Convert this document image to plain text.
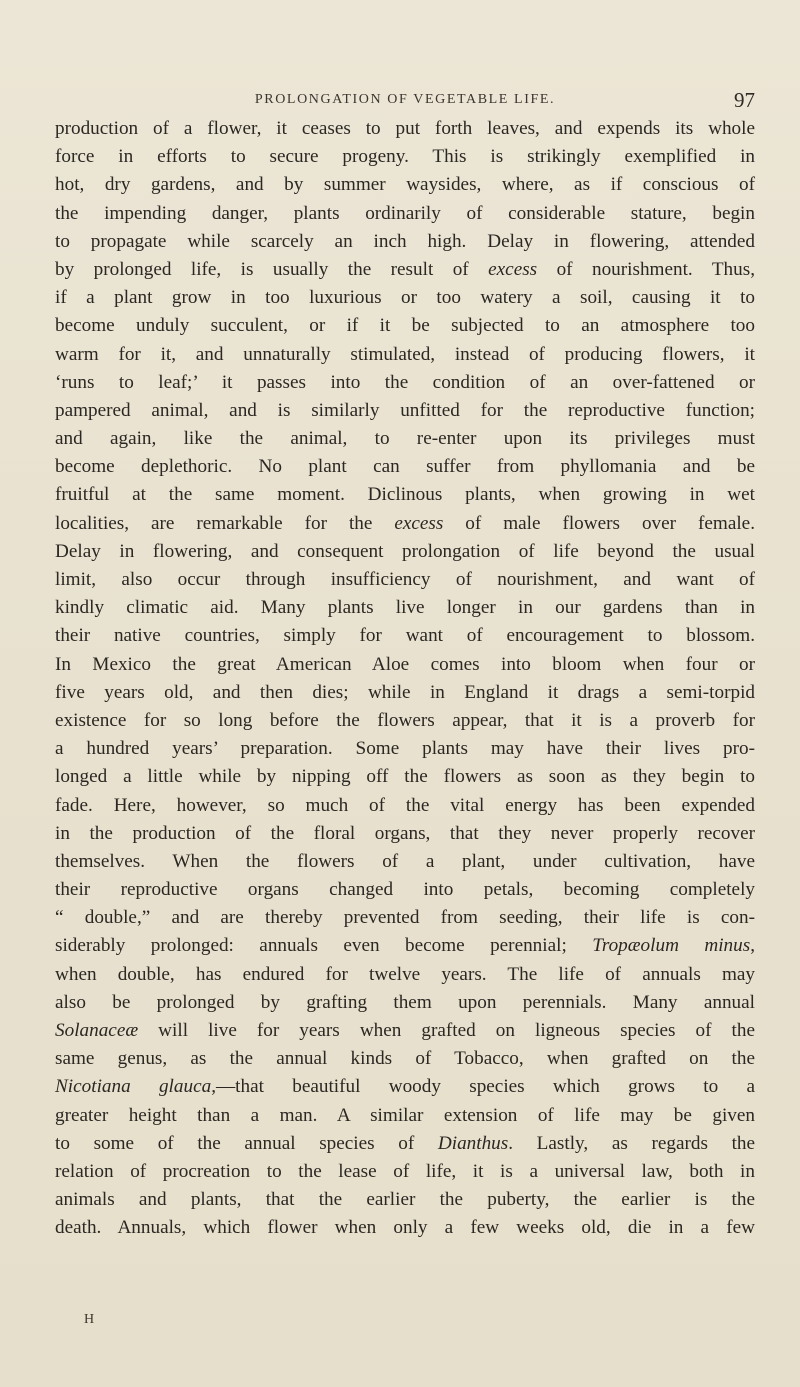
PROLONGATION OF VEGETABLE LIFE.	97
production of a flower, it ceases to put forth leaves, and expends its whole
force in efforts to secure progeny. This is strikingly exemplified in
hot, dry gardens, and by summer waysides, where, as if conscious of
the impending danger, plants ordinarily of considerable stature, begin
to propagate while scarcely an inch high. Delay in flowering, attended
by prolonged life, is usually the result of excess of nourishment. Thus,
if a plant grow in too luxurious or too watery a soil, causing it to
become unduly succulent, or if it be subjected to an atmosphere too
warm for it, and unnaturally stimulated, instead of producing flowers, it
‘runs to leaf;’ it passes into the condition of an over-fattened or
pampered animal, and is similarly unfitted for the reproductive function;
and again, like the animal, to re-enter upon its privileges must
become deplethoric. No plant can suffer from phyllomania and be
fruitful at the same moment. Diclinous plants, when growing in wet
localities, are remarkable for the excess of male flowers over female.
Delay in flowering, and consequent prolongation of life beyond the usual
limit, also occur through insufficiency of nourishment, and want of
kindly climatic aid. Many plants live longer in our gardens than in
their native countries, simply for want of encouragement to blossom.
In Mexico the great American Aloe comes into bloom when four or
five years old, and then dies; while in England it drags a semi-torpid
existence for so long before the flowers appear, that it is a proverb for
a hundred years’ preparation. Some plants may have their lives pro-
longed a little while by nipping off the flowers as soon as they begin to
fade. Here, however, so much of the vital energy has been expended
in the production of the floral organs, that they never properly recover
themselves. When the flowers of a plant, under cultivation, have
their reproductive organs changed into petals, becoming completely
“ double,” and are thereby prevented from seeding, their life is con-
siderably prolonged: annuals even become perennial; Tropæolum minus,
when double, has endured for twelve years. The life of annuals may
also be prolonged by grafting them upon perennials. Many annual
Solanaceæ will live for years when grafted on ligneous species of the
same genus, as the annual kinds of Tobacco, when grafted on the
Nicotiana glauca,—that beautiful woody species which grows to a
greater height than a man. A similar extension of life may be given
to some of the annual species of Dianthus. Lastly, as regards the
relation of procreation to the lease of life, it is a universal law, both in
animals and plants, that the earlier the puberty, the earlier is the
death. Annuals, which flower when only a few weeks old, die in a few
H
